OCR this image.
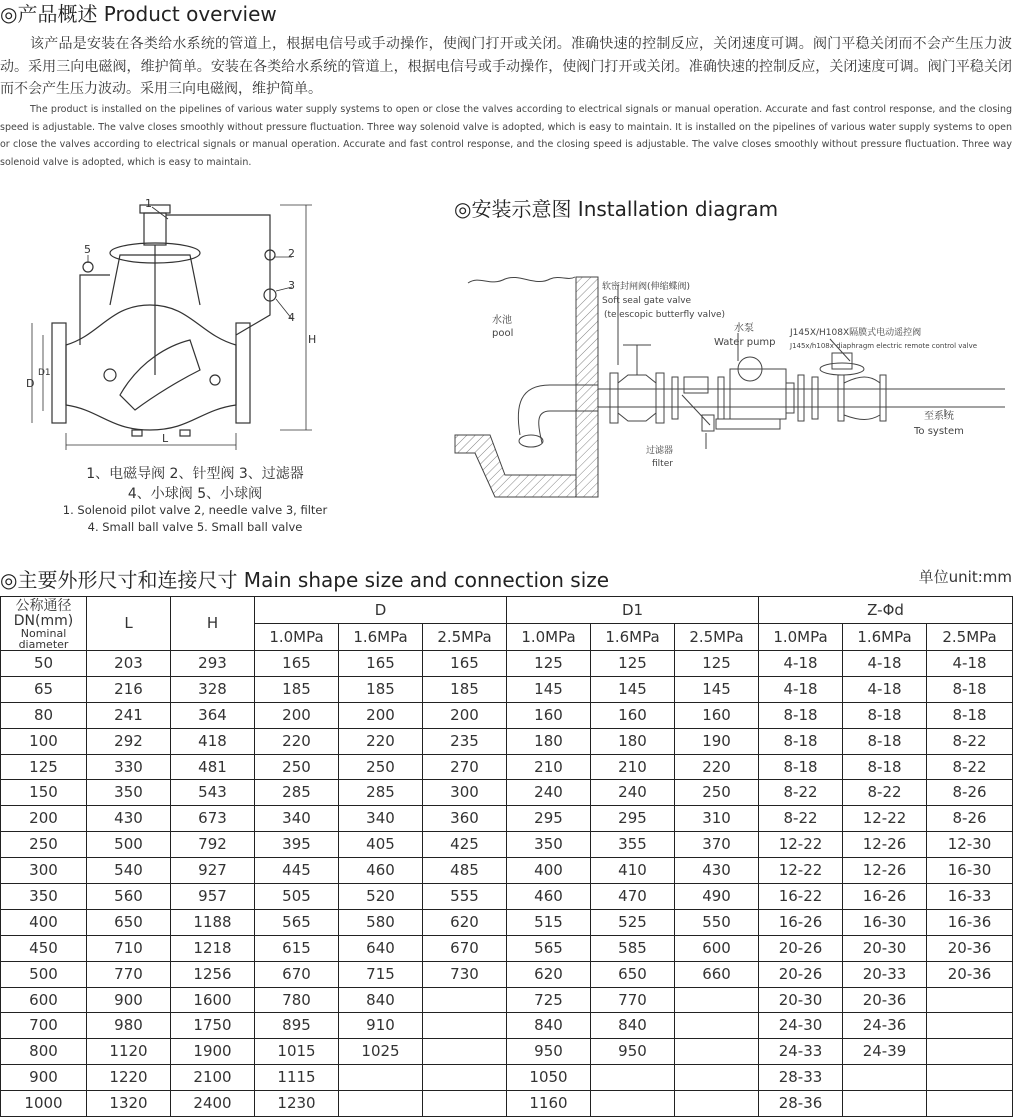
◎产品概述 Product overview
该产品是安装在各类给水系统的管道上，根据电信号或手动操作，使阀门打开或关闭。准确快速的控制反应，关闭速度可调。阀门平稳关闭而不会产生压力波动。采用三向电磁阀，维护简单。安装在各类给水系统的管道上，根据电信号或手动操作，使阀门打开或关闭。准确快速的控制反应，关闭速度可调。阀门平稳关闭而不会产生压力波动。采用三向电磁阀，维护简单。
The product is installed on the pipelines of various water supply systems to open or close the valves according to electrical signals or manual operation. Accurate and fast control response, and the closing speed is adjustable. The valve closes smoothly without pressure fluctuation. Three way solenoid valve is adopted, which is easy to maintain. It is installed on the pipelines of various water supply systems to open or close the valves according to electrical signals or manual operation. Accurate and fast control response, and the closing speed is adjustable. The valve closes smoothly without pressure fluctuation. Three way solenoid valve is adopted, which is easy to maintain.
1
2
3
4
5
D
D1
H
L
1、电磁导阀 2、针型阀 3、过滤器
4、小球阀 5、小球阀
1. Solenoid pilot valve 2, needle valve 3, filter
4. Small ball valve 5. Small ball valve
◎安装示意图 Installation diagram
水池
pool
软密封闸阀(伸缩蝶阀)
Soft seal gate valve
(telescopic butterfly valve)
水泵
Water pump
J145X/H108X隔膜式电动遥控阀
J145x/h108x diaphragm electric remote control valve
至系统
To system
过滤器
filter
◎主要外形尺寸和连接尺寸 Main shape size and connection size	单位unit:mm
公称通径
DN(mm)
Nominal
diameter	L	H	D			D1			Z-Φd		
			1.0MPa	1.6MPa	2.5MPa	1.0MPa	1.6MPa	2.5MPa	1.0MPa	1.6MPa	2.5MPa
50	203	293	165	165	165	125	125	125	4-18	4-18	4-18
65	216	328	185	185	185	145	145	145	4-18	4-18	8-18
80	241	364	200	200	200	160	160	160	8-18	8-18	8-18
100	292	418	220	220	235	180	180	190	8-18	8-18	8-22
125	330	481	250	250	270	210	210	220	8-18	8-18	8-22
150	350	543	285	285	300	240	240	250	8-22	8-22	8-26
200	430	673	340	340	360	295	295	310	8-22	12-22	8-26
250	500	792	395	405	425	350	355	370	12-22	12-26	12-30
300	540	927	445	460	485	400	410	430	12-22	12-26	16-30
350	560	957	505	520	555	460	470	490	16-22	16-26	16-33
400	650	1188	565	580	620	515	525	550	16-26	16-30	16-36
450	710	1218	615	640	670	565	585	600	20-26	20-30	20-36
500	770	1256	670	715	730	620	650	660	20-26	20-33	20-36
600	900	1600	780	840		725	770		20-30	20-36	
700	980	1750	895	910		840	840		24-30	24-36	
800	1120	1900	1015	1025		950	950		24-33	24-39	
900	1220	2100	1115			1050			28-33		
1000	1320	2400	1230			1160			28-36		
